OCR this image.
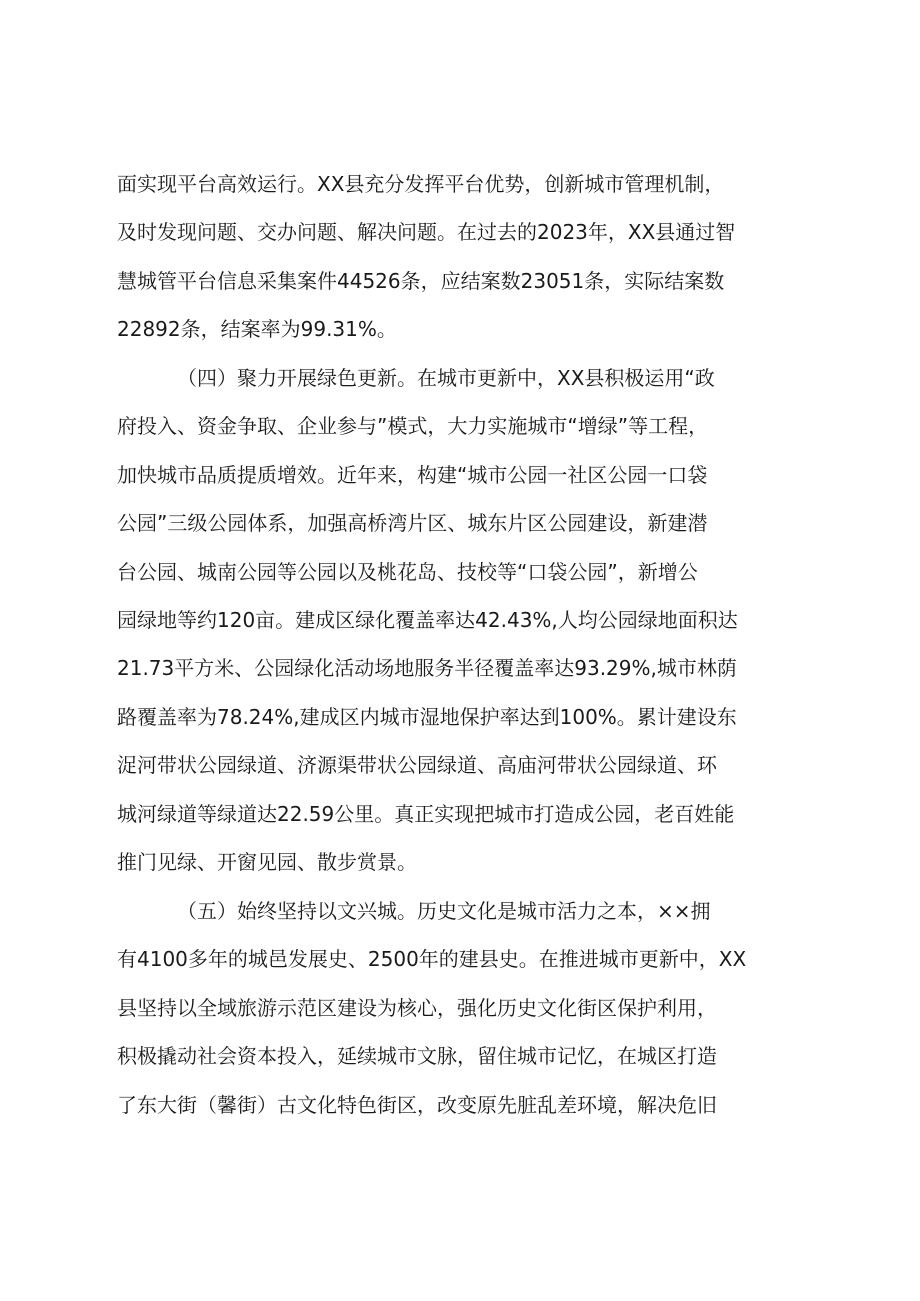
面实现平台高效运行。XX县充分发挥平台优势，创新城市管理机制，
及时发现问题、交办问题、解决问题。在过去的2023年，XX县通过智
慧城管平台信息采集案件44526条，应结案数23051条，实际结案数
22892条，结案率为99.31%。
（四）聚力开展绿色更新。在城市更新中，XX县积极运用“政
府投入、资金争取、企业参与”模式，大力实施城市“增绿”等工程，
加快城市品质提质增效。近年来，构建“城市公园一社区公园一口袋
公园”三级公园体系，加强高桥湾片区、城东片区公园建设，新建潜
台公园、城南公园等公园以及桃花岛、技校等“口袋公园”，新增公
园绿地等约120亩。建成区绿化覆盖率达42.43%,人均公园绿地面积达
21.73平方米、公园绿化活动场地服务半径覆盖率达93.29%,城市林荫
路覆盖率为78.24%,建成区内城市湿地保护率达到100%。累计建设东
浞河带状公园绿道、济源渠带状公园绿道、高庙河带状公园绿道、环
城河绿道等绿道达22.59公里。真正实现把城市打造成公园，老百姓能
推门见绿、开窗见园、散步赏景。
（五）始终坚持以文兴城。历史文化是城市活力之本，××拥
有4100多年的城邑发展史、2500年的建县史。在推进城市更新中，XX
县坚持以全域旅游示范区建设为核心，强化历史文化街区保护利用，
积极撬动社会资本投入，延续城市文脉，留住城市记忆，在城区打造
了东大街（馨街）古文化特色街区，改变原先脏乱差环境，解决危旧
